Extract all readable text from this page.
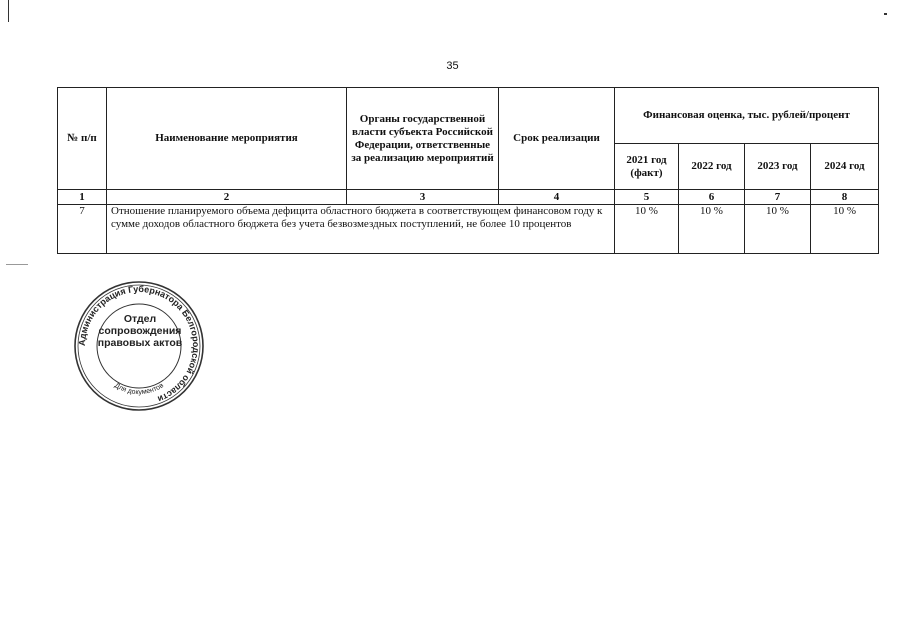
35
№ п/п	Наименование мероприятия	Органы государственной власти субъекта Российской Федерации, ответственные за реализацию мероприятий	Срок реализации	Финансовая оценка, тыс. рублей/процент			
				2021 год (факт)	2022 год	2023 год	2024 год
1	2	3	4	5	6	7	8
7	Отношение планируемого объема дефицита областного бюджета в соответствующем финансовом году к сумме доходов областного бюджета без учета безвозмездных поступлений, не более 10 процентов			10 %	10 %	10 %	10 %
Администрация Губернатора Белгородской области
Для документов
Отдел сопровождения правовых актов
